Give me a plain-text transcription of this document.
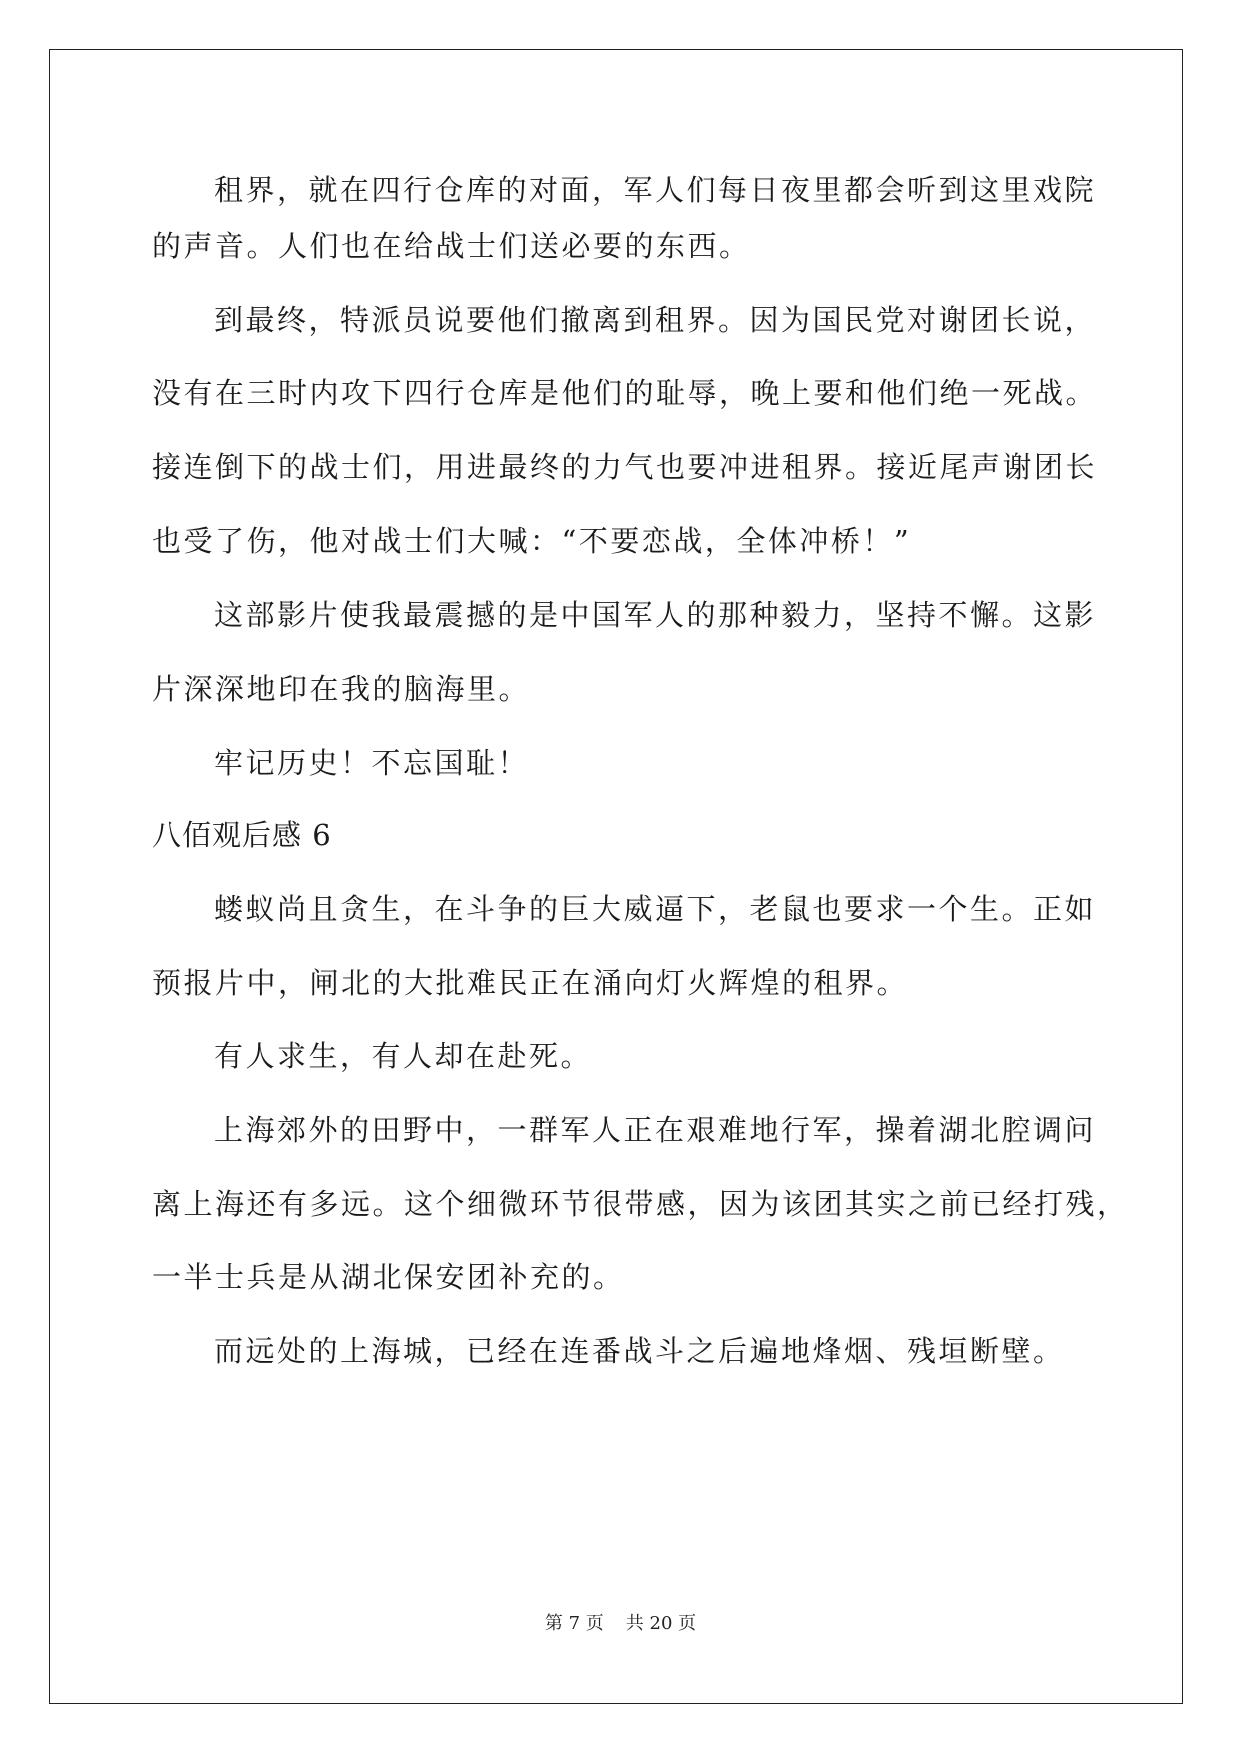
租界，就在四行仓库的对面，军人们每日夜里都会听到这里戏院
的声音。人们也在给战士们送必要的东西。
到最终，特派员说要他们撤离到租界。因为国民党对谢团长说，
没有在三时内攻下四行仓库是他们的耻辱，晚上要和他们绝一死战。
接连倒下的战士们，用进最终的力气也要冲进租界。接近尾声谢团长
也受了伤，他对战士们大喊：“不要恋战，全体冲桥！”
这部影片使我最震撼的是中国军人的那种毅力，坚持不懈。这影
片深深地印在我的脑海里。
牢记历史！不忘国耻！
八佰观后感 6
蝼蚁尚且贪生，在斗争的巨大威逼下，老鼠也要求一个生。正如
预报片中，闸北的大批难民正在涌向灯火辉煌的租界。
有人求生，有人却在赴死。
上海郊外的田野中，一群军人正在艰难地行军，操着湖北腔调问
离上海还有多远。这个细微环节很带感，因为该团其实之前已经打残，
一半士兵是从湖北保安团补充的。
而远处的上海城，已经在连番战斗之后遍地烽烟、残垣断壁。
第 7 页 共 20 页
